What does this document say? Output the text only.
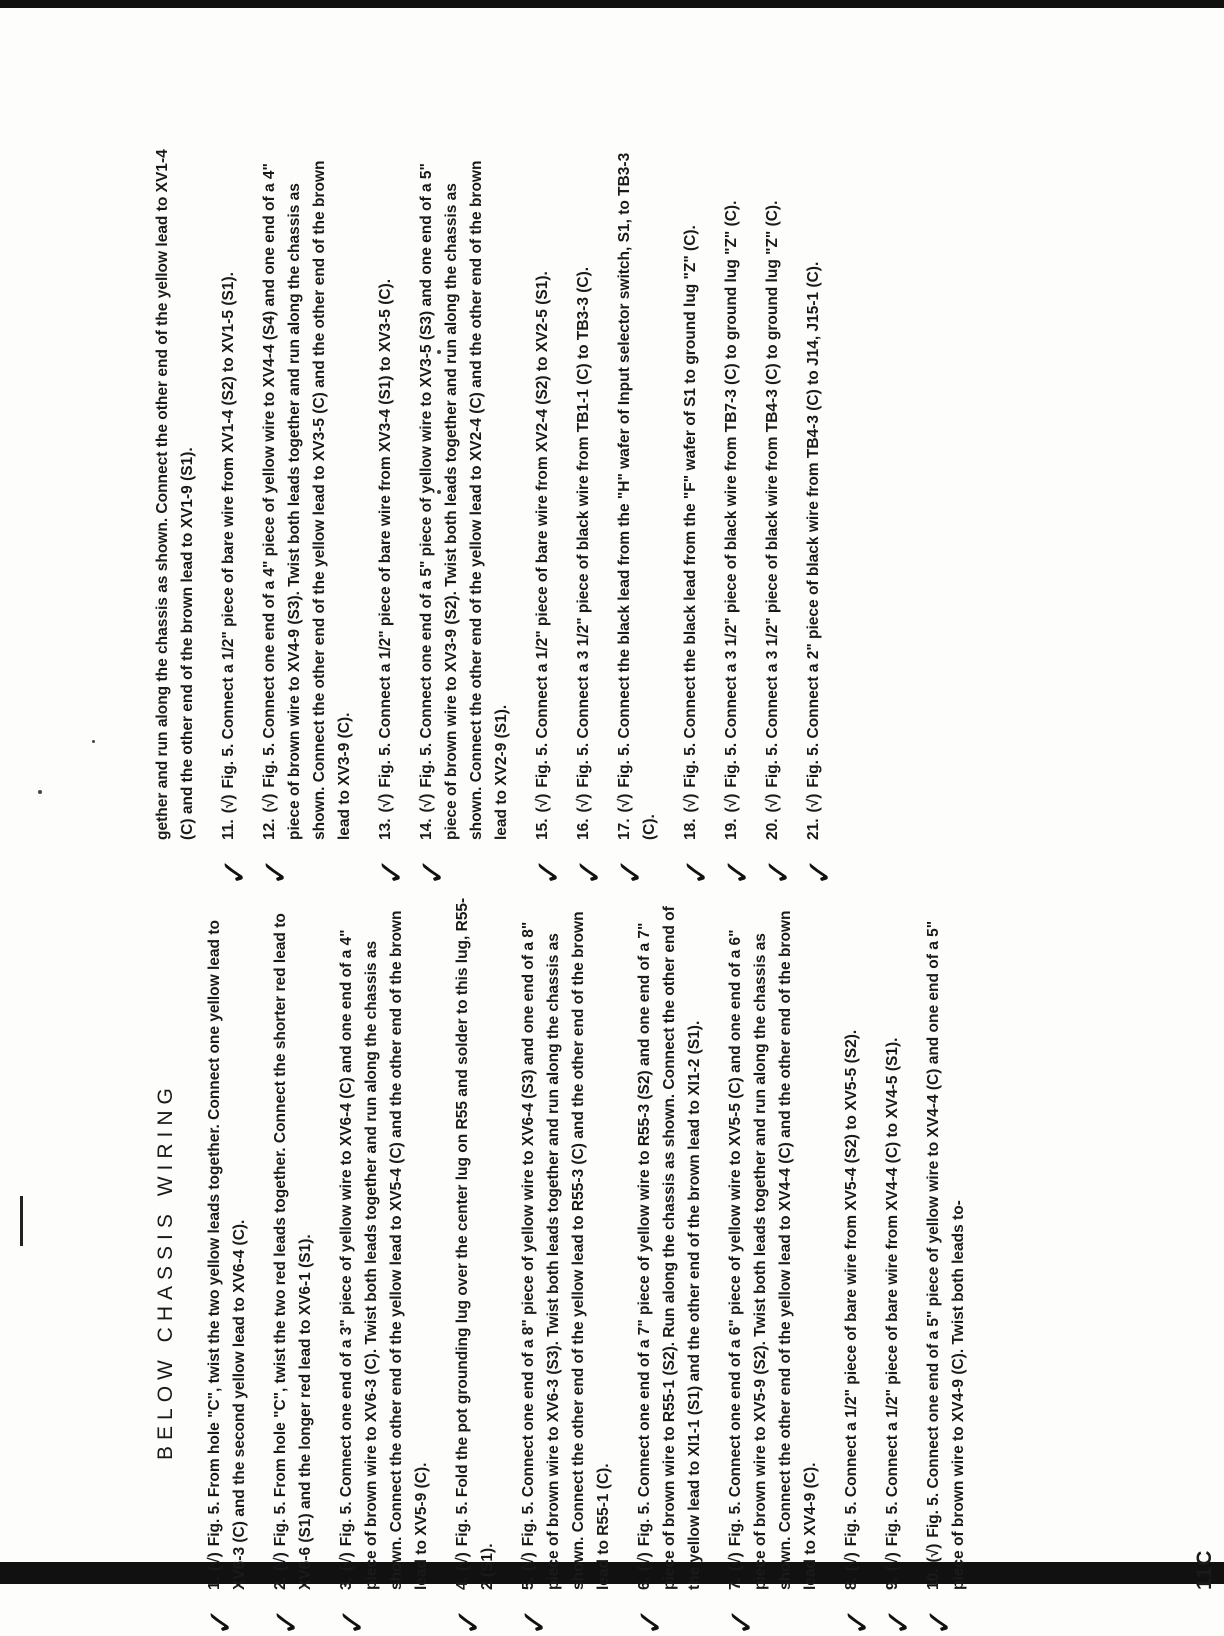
BELOW CHASSIS WIRING

✓
1.(√)Fig. 5. From hole "C", twist the two yellow leads together. Connect one yellow lead to XV6-3 (C) and the second yellow lead to XV6-4 (C).

✓
2.(√)Fig. 5. From hole "C", twist the two red leads together. Connect the shorter red lead to XV6-6 (S1) and the longer red lead to XV6-1 (S1).

✓
3.(√)Fig. 5. Connect one end of a 3" piece of yellow wire to XV6-4 (C) and one end of a 4" piece of brown wire to XV6-3 (C). Twist both leads together and run along the chassis as shown. Connect the other end of the yellow lead to XV5-4 (C) and the other end of the brown lead to XV5-9 (C).

✓
4.(√)Fig. 5. Fold the pot grounding lug over the center lug on R55 and solder to this lug, R55-2 (S1).

✓
5.(√)Fig. 5. Connect one end of a 8" piece of yellow wire to XV6-4 (S3) and one end of a 8" piece of brown wire to XV6-3 (S3). Twist both leads together and run along the chassis as shown. Connect the other end of the yellow lead to R55-3 (C) and the other end of the brown lead to R55-1 (C).

✓
6.(√)Fig. 5. Connect one end of a 7" piece of yellow wire to R55-3 (S2) and one end of a 7" piece of brown wire to R55-1 (S2). Run along the chassis as shown. Connect the other end of the yellow lead to XI1-1 (S1) and the other end of the brown lead to XI1-2 (S1).

✓
7.(√)Fig. 5. Connect one end of a 6" piece of yellow wire to XV5-5 (C) and one end of a 6" piece of brown wire to XV5-9 (S2). Twist both leads together and run along the chassis as shown. Connect the other end of the yellow lead to XV4-4 (C) and the other end of the brown lead to XV4-9 (C).

✓
8.(√)Fig. 5. Connect a 1/2" piece of bare wire from XV5-4 (S2) to XV5-5 (S2).

✓
9.(√)Fig. 5. Connect a 1/2" piece of bare wire from XV4-4 (C) to XV4-5 (S1).

✓
10.(√)Fig. 5. Connect one end of a 5" piece of yellow wire to XV4-4 (C) and one end of a 5" piece of brown wire to XV4-9 (C). Twist both leads to-

gether and run along the chassis as shown. Connect the other end of the yellow lead to XV1-4 (C) and the other end of the brown lead to XV1-9 (S1).

✓
11.(√)Fig. 5. Connect a 1/2" piece of bare wire from XV1-4 (S2) to XV1-5 (S1).

✓
12.(√)Fig. 5. Connect one end of a 4" piece of yellow wire to XV4-4 (S4) and one end of a 4" piece of brown wire to XV4-9 (S3). Twist both leads together and run along the chassis as shown. Connect the other end of the yellow lead to XV3-5 (C) and the other end of the brown lead to XV3-9 (C).

✓
13.(√)Fig. 5. Connect a 1/2" piece of bare wire from XV3-4 (S1) to XV3-5 (C).

✓
14.(√)Fig. 5. Connect one end of a 5" piece of yellow wire to XV3-5 (S3) and one end of a 5" piece of brown wire to XV3-9 (S2). Twist both leads together and run along the chassis as shown. Connect the other end of the yellow lead to XV2-4 (C) and the other end of the brown lead to XV2-9 (S1).

✓
15.(√)Fig. 5. Connect a 1/2" piece of bare wire from XV2-4 (S2) to XV2-5 (S1).

✓
16.(√)Fig. 5. Connect a 3 1/2" piece of black wire from TB1-1 (C) to TB3-3 (C).

✓
17.(√)Fig. 5. Connect the black lead from the "H" wafer of Input selector switch, S1, to TB3-3 (C).

✓
18.(√)Fig. 5. Connect the black lead from the "F" wafer of S1 to ground lug "Z" (C).

✓
19.(√)Fig. 5. Connect a 3 1/2" piece of black wire from TB7-3 (C) to ground lug "Z" (C).

✓
20.(√)Fig. 5. Connect a 3 1/2" piece of black wire from TB4-3 (C) to ground lug "Z" (C).

✓
21.(√)Fig. 5. Connect a 2" piece of black wire from TB4-3 (C) to J14, J15-1 (C).

11C
